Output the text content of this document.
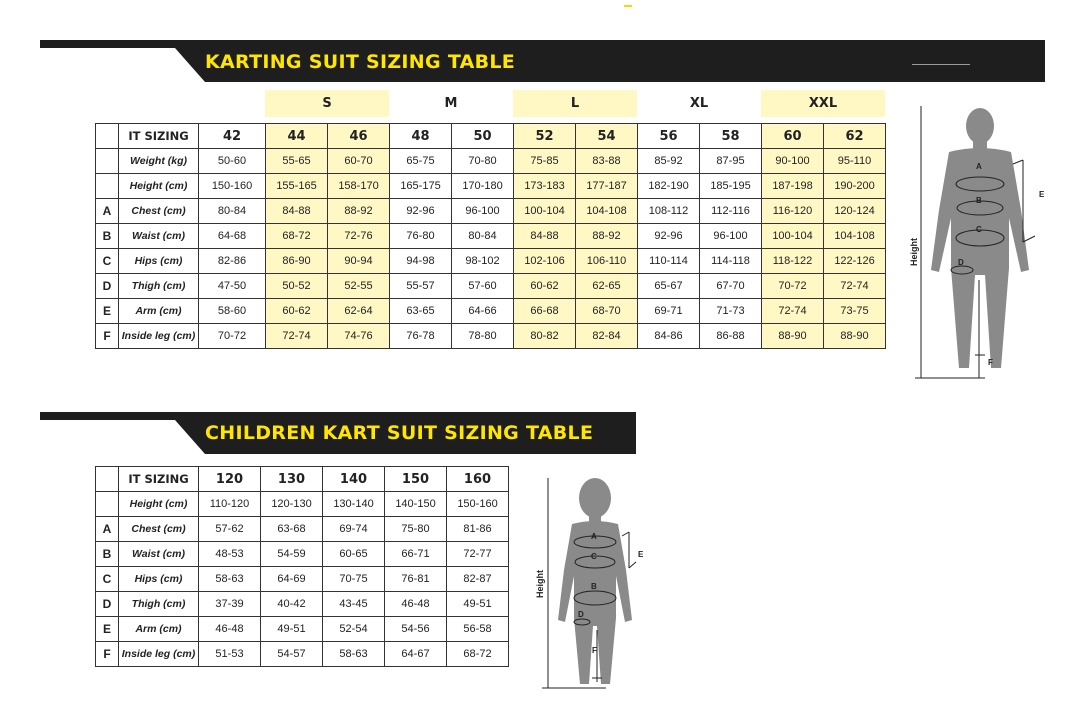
KARTING SUIT SIZING TABLE
S	M	L	XL	XXL
	IT SIZING	42	44	46	48	50	52	54	56	58	60	62
	Weight (kg)	50-60	55-65	60-70	65-75	70-80	75-85	83-88	85-92	87-95	90-100	95-110
	Height (cm)	150-160	155-165	158-170	165-175	170-180	173-183	177-187	182-190	185-195	187-198	190-200
A	Chest (cm)	80-84	84-88	88-92	92-96	96-100	100-104	104-108	108-112	112-116	116-120	120-124
B	Waist (cm)	64-68	68-72	72-76	76-80	80-84	84-88	88-92	92-96	96-100	100-104	104-108
C	Hips (cm)	82-86	86-90	90-94	94-98	98-102	102-106	106-110	110-114	114-118	118-122	122-126
D	Thigh (cm)	47-50	50-52	52-55	55-57	57-60	60-62	62-65	65-67	67-70	70-72	72-74
E	Arm (cm)	58-60	60-62	62-64	63-65	64-66	66-68	68-70	69-71	71-73	72-74	73-75
F	Inside leg (cm)	70-72	72-74	74-76	76-78	78-80	80-82	82-84	84-86	86-88	88-90	88-90
A
B
C
D
E
F
Height
CHILDREN KART SUIT SIZING TABLE
	IT SIZING	120	130	140	150	160
	Height (cm)	110-120	120-130	130-140	140-150	150-160
A	Chest (cm)	57-62	63-68	69-74	75-80	81-86
B	Waist (cm)	48-53	54-59	60-65	66-71	72-77
C	Hips (cm)	58-63	64-69	70-75	76-81	82-87
D	Thigh (cm)	37-39	40-42	43-45	46-48	49-51
E	Arm (cm)	46-48	49-51	52-54	54-56	56-58
F	Inside leg (cm)	51-53	54-57	58-63	64-67	68-72
A
C
B
D
E
F
Height
